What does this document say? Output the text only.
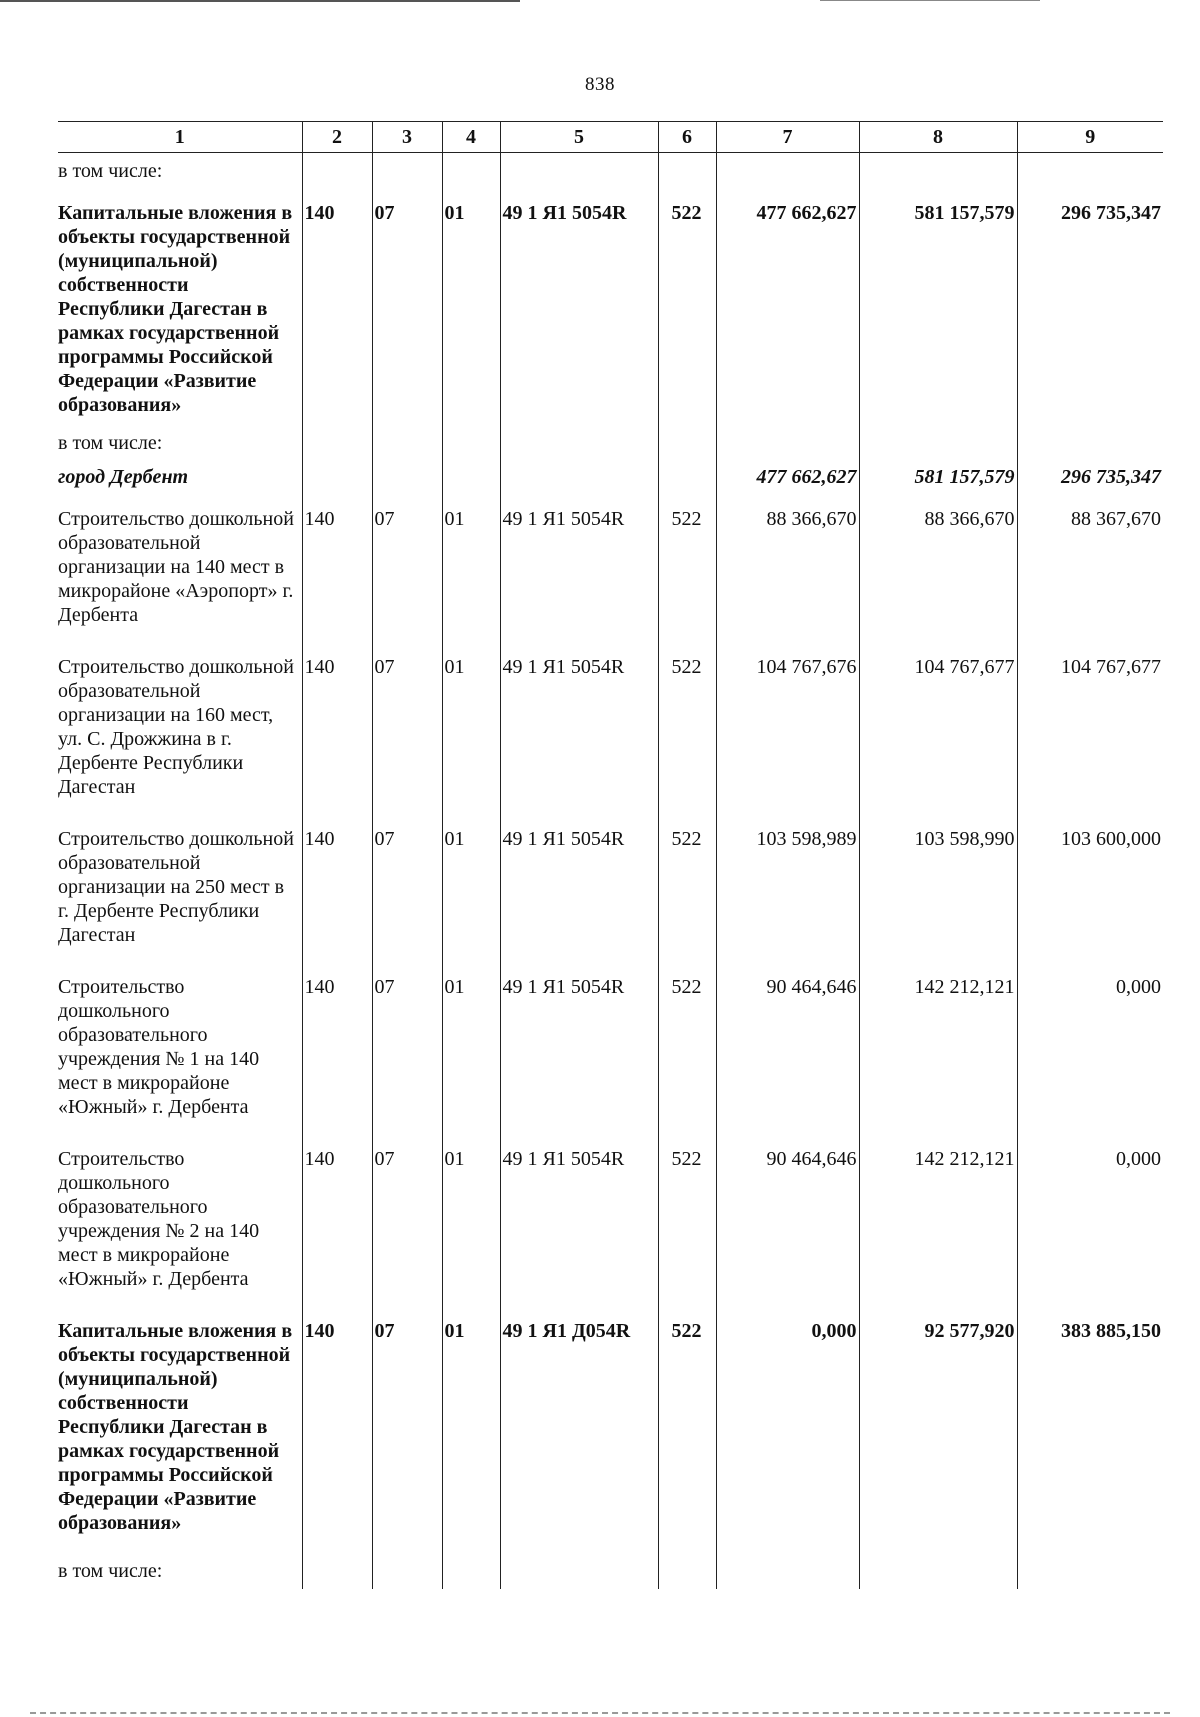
838
1	2	3	4	5	6	7	8	9
в том числе:								
Капитальные вложения в объекты государственной (муниципальной) собственности Республики Дагестан в рамках государственной программы Российской Федерации «Развитие образования»	140	07	01	49 1 Я1 5054R	522	477 662,627	581 157,579	296 735,347
в том числе:								
город Дербент						477 662,627	581 157,579	296 735,347
Строительство дошкольной образовательной организации на 140 мест в микрорайоне «Аэропорт» г. Дербента	140	07	01	49 1 Я1 5054R	522	88 366,670	88 366,670	88 367,670
Строительство дошкольной образовательной организации на 160 мест, ул. С. Дрожжина в г. Дербенте Республики Дагестан	140	07	01	49 1 Я1 5054R	522	104 767,676	104 767,677	104 767,677
Строительство дошкольной образовательной организации на 250 мест в г. Дербенте Республики Дагестан	140	07	01	49 1 Я1 5054R	522	103 598,989	103 598,990	103 600,000
Строительство дошкольного образовательного учреждения № 1 на 140 мест в микрорайоне «Южный» г. Дербента	140	07	01	49 1 Я1 5054R	522	90 464,646	142 212,121	0,000
Строительство дошкольного образовательного учреждения № 2 на 140 мест в микрорайоне «Южный» г. Дербента	140	07	01	49 1 Я1 5054R	522	90 464,646	142 212,121	0,000
Капитальные вложения в объекты государственной (муниципальной) собственности Республики Дагестан в рамках государственной программы Российской Федерации «Развитие образования»	140	07	01	49 1 Я1 Д054R	522	0,000	92 577,920	383 885,150
в том числе:								
